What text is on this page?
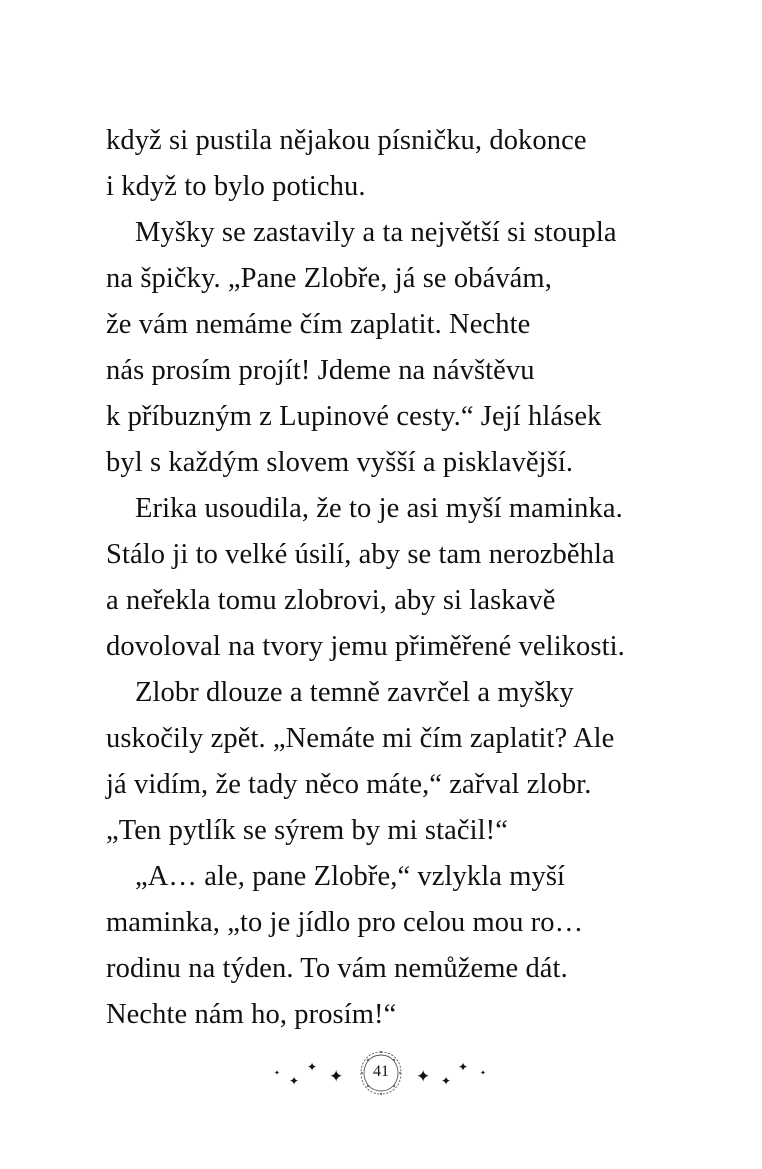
když si pustila nějakou písničku, dokonce
i když to bylo potichu.
Myšky se zastavily a ta největší si stoupla
na špičky. „Pane Zlobře, já se obávám,
že vám nemáme čím zaplatit. Nechte
nás prosím projít! Jdeme na návštěvu
k příbuzným z Lupinové cesty.“ Její hlásek
byl s každým slovem vyšší a pisklavější.
Erika usoudila, že to je asi myší maminka.
Stálo ji to velké úsilí, aby se tam nerozběhla
a neřekla tomu zlobrovi, aby si laskavě
dovoloval na tvory jemu přiměřené velikosti.
Zlobr dlouze a temně zavrčel a myšky
uskočily zpět. „Nemáte mi čím zaplatit? Ale
já vidím, že tady něco máte,“ zařval zlobr.
„Ten pytlík se sýrem by mi stačil!“
„A… ale, pane Zlobře,“ vzlykla myší
maminka, „to je jídlo pro celou mou ro…
rodinu na týden. To vám nemůžeme dát.
Nechte nám ho, prosím!“
✦
✦
✦ ✦	41	✦ ✦
✦ ✦
